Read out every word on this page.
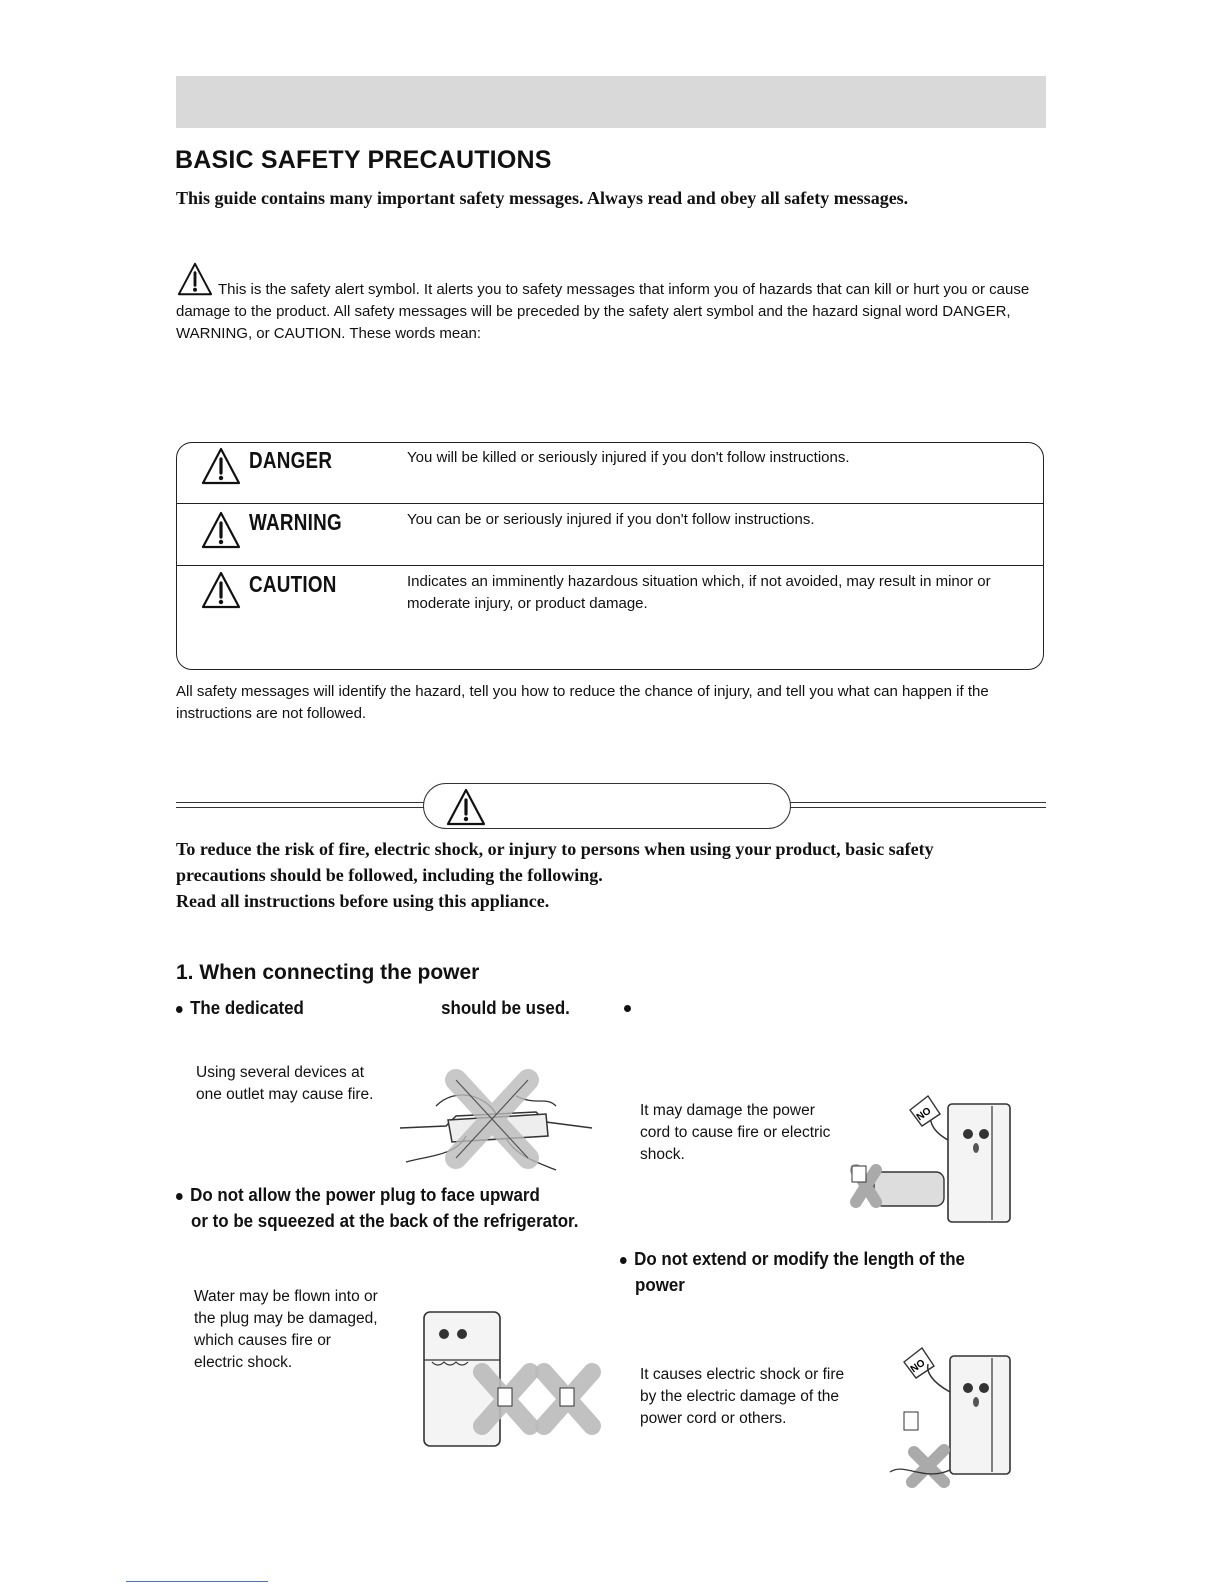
BASIC SAFETY PRECAUTIONS
This guide contains many important safety messages. Always read and obey all safety messages.
This is the safety alert symbol. It alerts you to safety messages that inform you of hazards that can kill or hurt you or cause damage to the product. All safety messages will be preceded by the safety alert symbol and the hazard signal word DANGER, WARNING, or CAUTION. These words mean:
DANGER	You will be killed or seriously injured if you don't follow instructions.
WARNING	You can be or seriously injured if you don't follow instructions.
CAUTION	Indicates an imminently hazardous situation which, if not avoided, may result in minor or moderate injury, or product damage.
All safety messages will identify the hazard, tell you how to reduce the chance of injury, and tell you what can happen if the instructions are not followed.
To reduce the risk of fire, electric shock, or injury to persons when using your product, basic safety
precautions should be followed, including the following.
Read all instructions before using this appliance.
1. When connecting the power
The dedicated	should be used.
Using several devices at
one outlet may cause fire.
It may damage the power
cord to cause fire or electric
shock.
NO
Do not allow the power plug to face upward
or to be squeezed at the back of the refrigerator.
Water may be flown into or
the plug may be damaged,
which causes fire or
electric shock.
Do not extend or modify the length of the
power
It causes electric shock or fire
by the electric damage of the
power cord or others.
NO
